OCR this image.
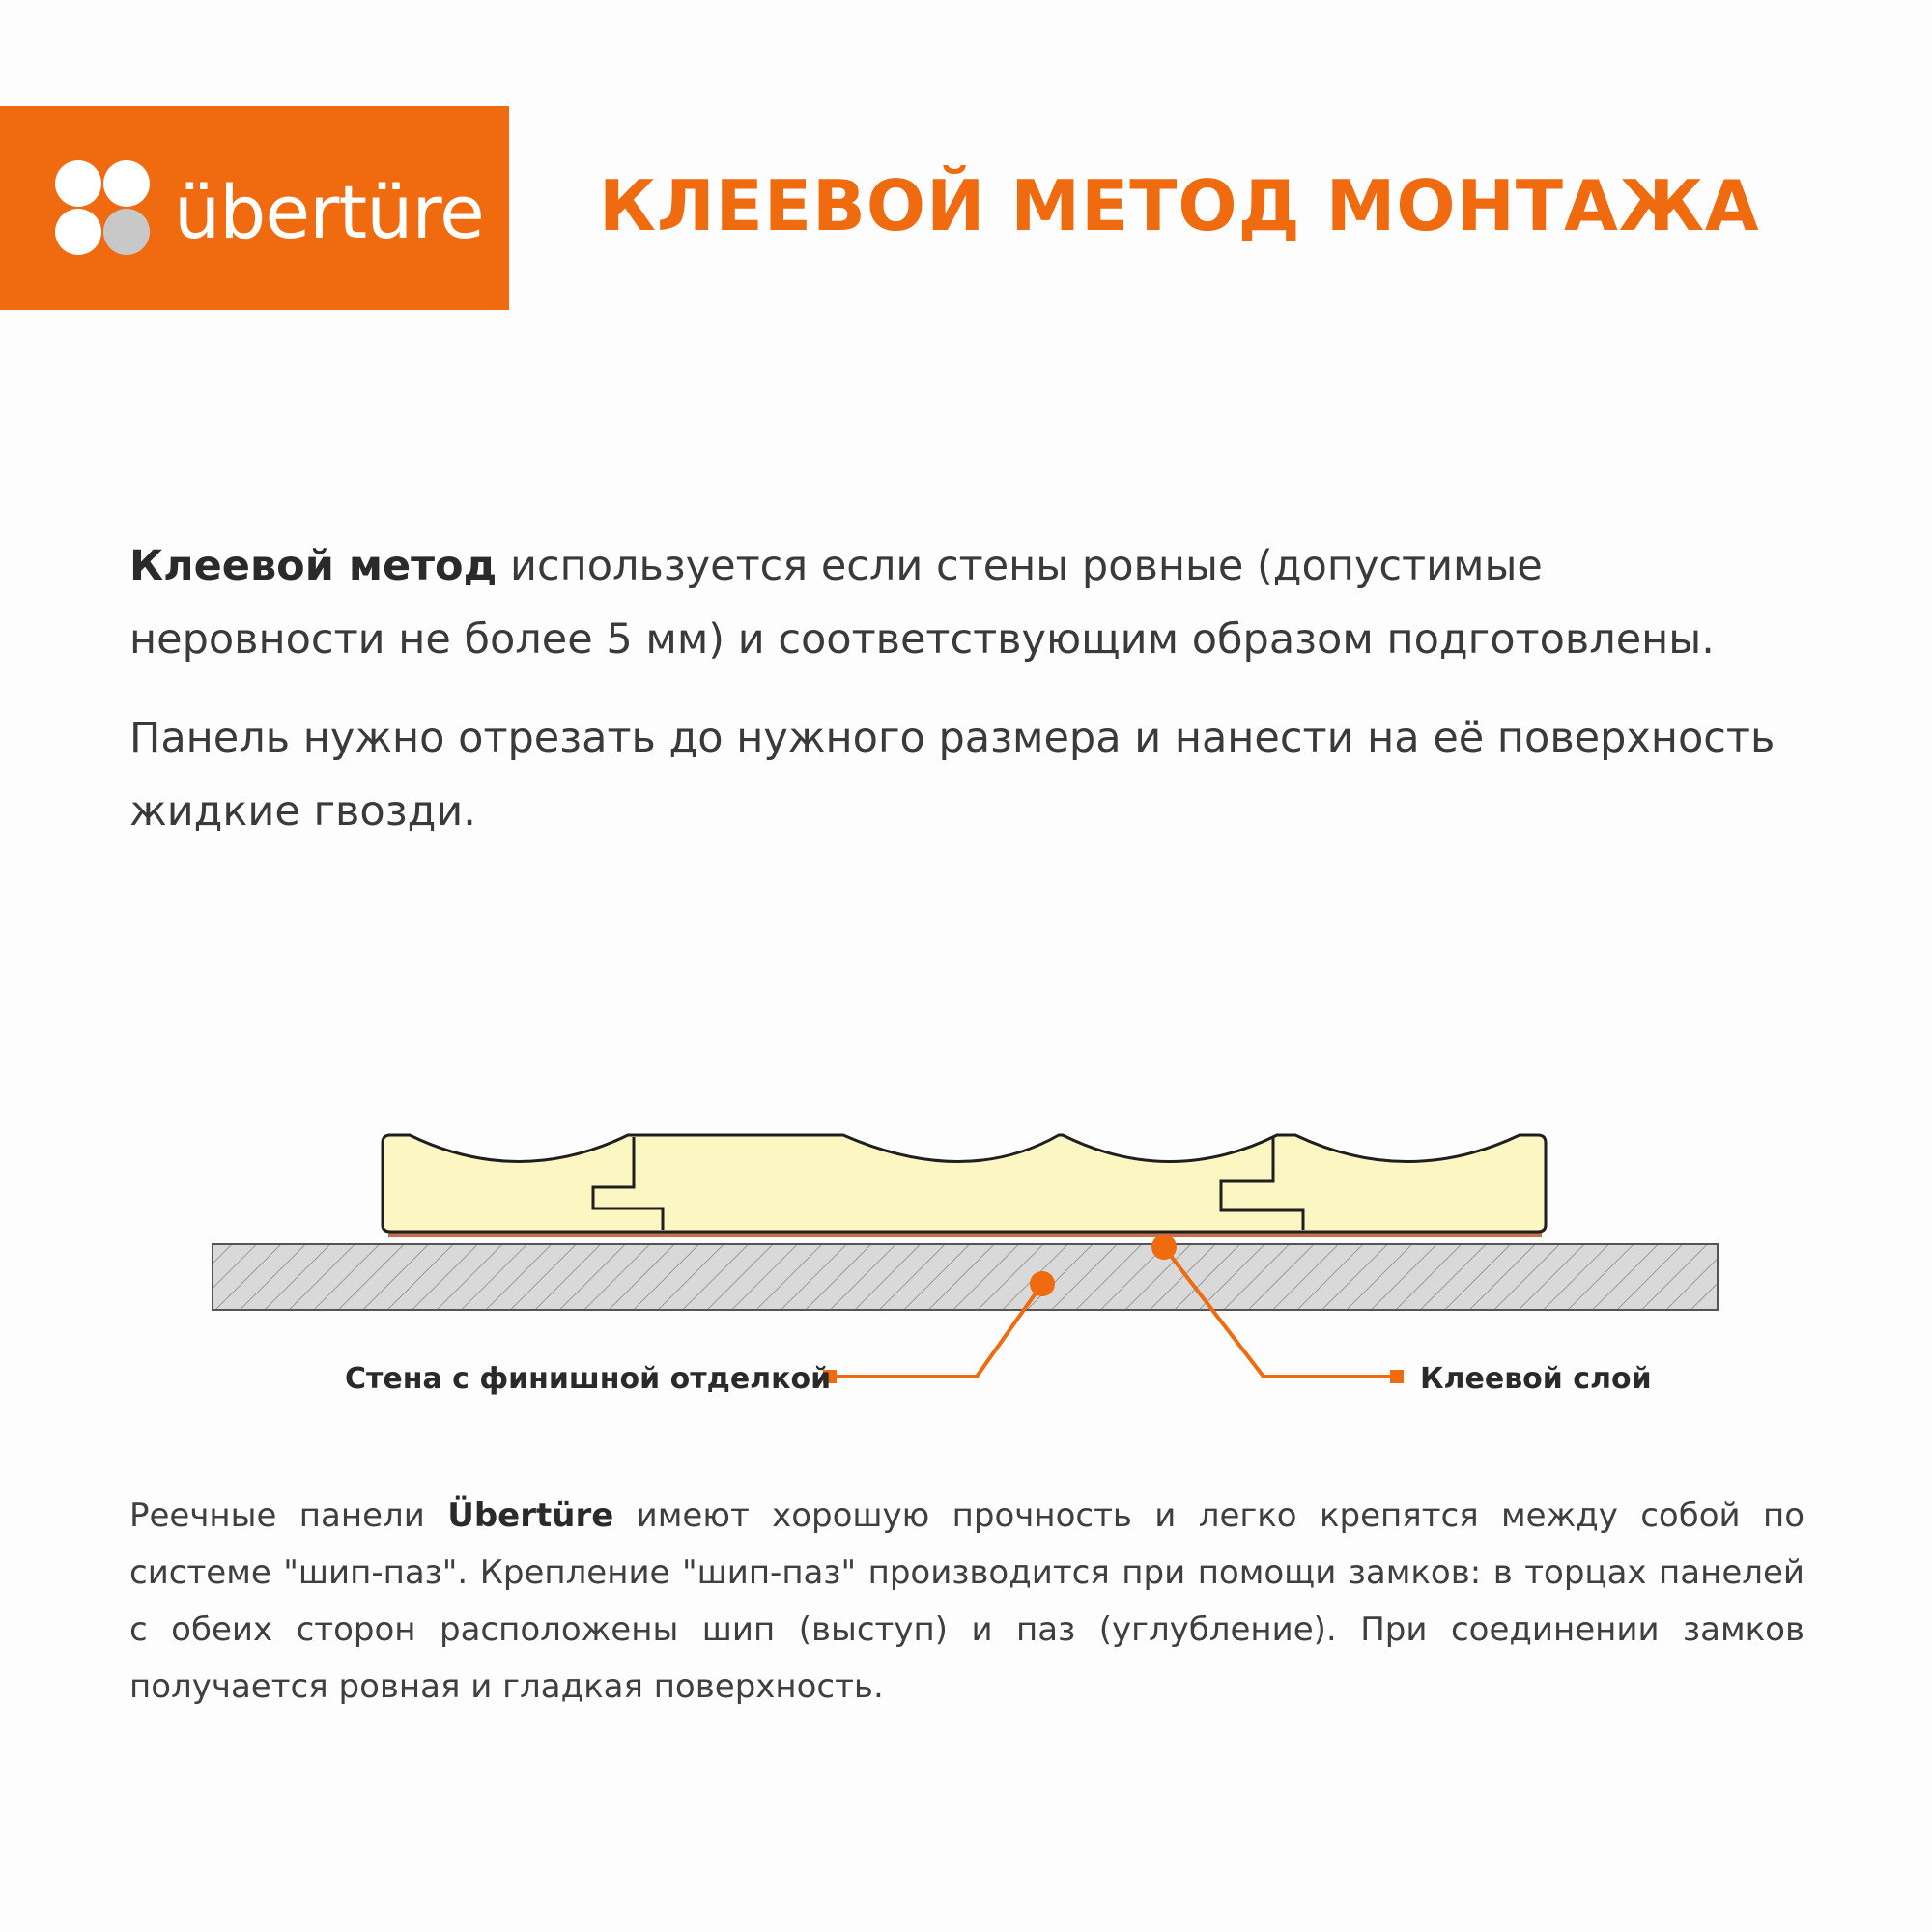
übertüre КЛЕЕВОЙ МЕТОД МОНТАЖА

Клеевой метод используется если стены ровные (допустимые неровности не более 5 мм) и соответствующим образом подготовлены.

Панель нужно отрезать до нужного размера и нанести на её поверхность жидкие гвозди.

Стена с финишной отделкой	Клеевой слой

Реечные панели Übertüre имеют хорошую прочность и легко крепятся между собой по системе "шип-паз". Крепление "шип-паз" производится при помощи замков: в торцах панелей с обеих сторон расположены шип (выступ) и паз (углубление). При соединении замков получается ровная и гладкая поверхность.
